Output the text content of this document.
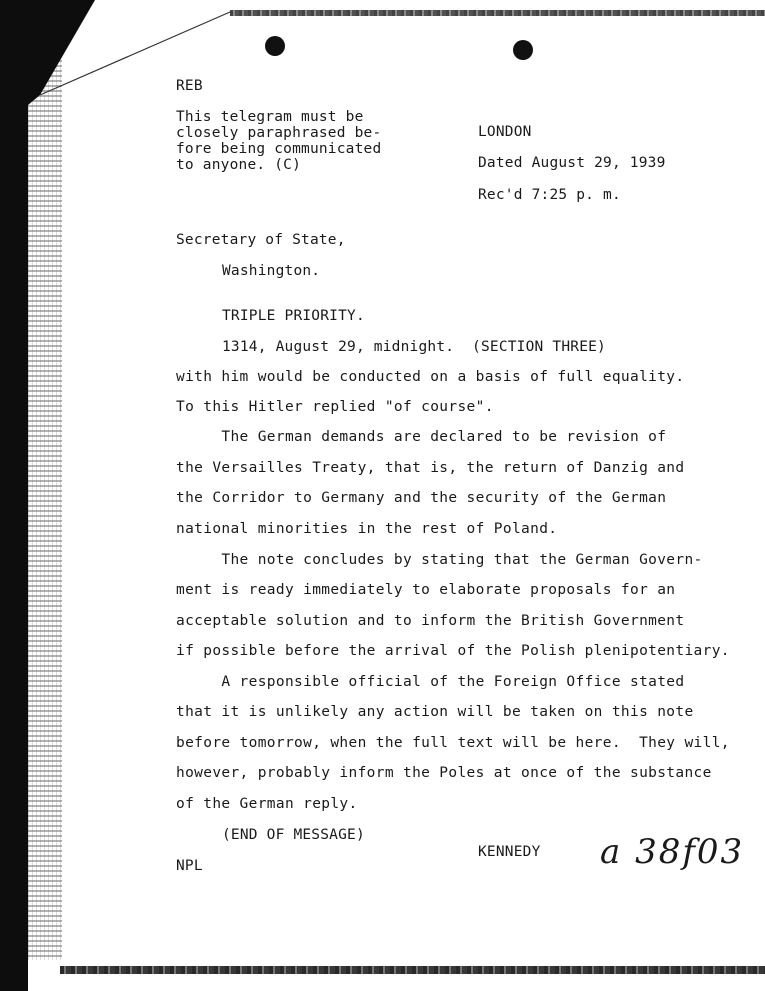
REB
This telegram must be
closely paraphrased be-
fore being communicated
to anyone. (C)
LONDON
Dated August 29, 1939
Rec'd 7:25 p. m.
Secretary of State,
Washington.
TRIPLE PRIORITY.
1314, August 29, midnight.  (SECTION THREE)
with him would be conducted on a basis of full equality.
To this Hitler replied "of course".
The German demands are declared to be revision of
the Versailles Treaty, that is, the return of Danzig and
the Corridor to Germany and the security of the German
national minorities in the rest of Poland.
The note concludes by stating that the German Govern-
ment is ready immediately to elaborate proposals for an
acceptable solution and to inform the British Government
if possible before the arrival of the Polish plenipotentiary.
A responsible official of the Foreign Office stated
that it is unlikely any action will be taken on this note
before tomorrow, when the full text will be here.  They will,
however, probably inform the Poles at once of the substance
of the German reply.
(END OF MESSAGE)
KENNEDY a 38f03
NPL
